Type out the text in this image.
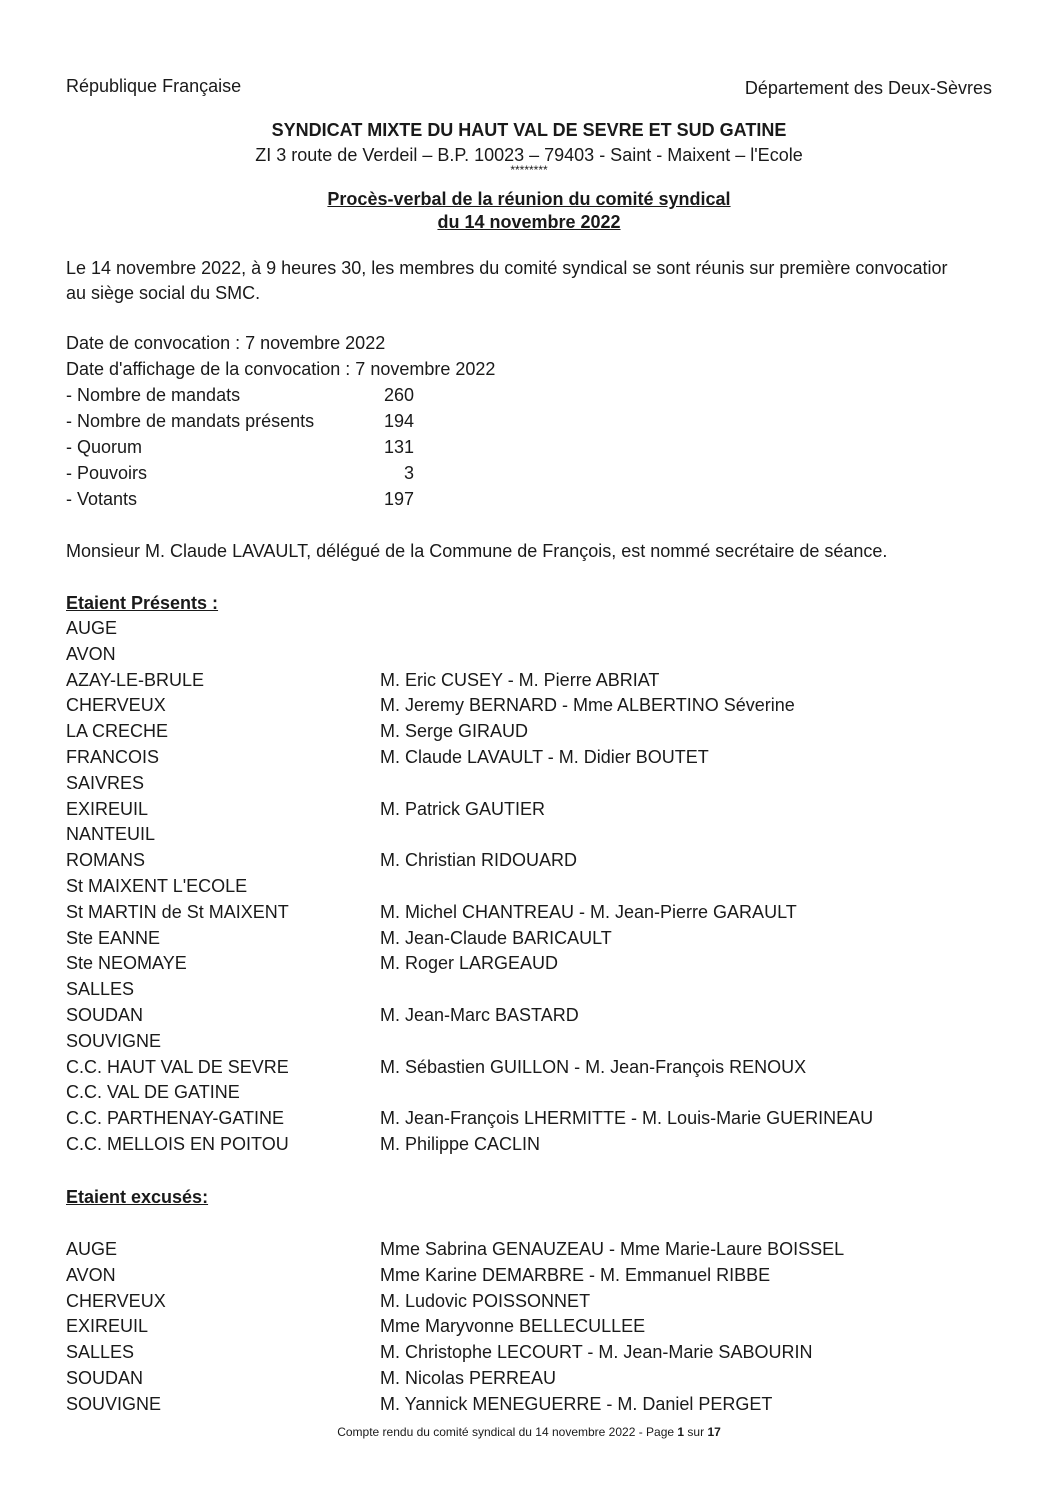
République Française	Département des Deux-Sèvres
SYNDICAT MIXTE DU HAUT VAL DE SEVRE ET SUD GATINE
ZI 3 route de Verdeil – B.P. 10023 – 79403 - Saint - Maixent – l'Ecole
********
Procès-verbal de la réunion du comité syndical
du 14 novembre 2022
Le 14 novembre 2022, à 9 heures 30, les membres du comité syndical se sont réunis sur première convocatior
au siège social du SMC.
Date de convocation : 7 novembre 2022
Date d'affichage de la convocation : 7 novembre 2022
- Nombre de mandats	260
- Nombre de mandats présents	194
- Quorum	131
- Pouvoirs	3
- Votants	197
Monsieur M. Claude LAVAULT, délégué de la Commune de François, est nommé secrétaire de séance.
Etaient Présents :
AUGE
AVON
AZAY-LE-BRULE	M. Eric CUSEY - M. Pierre ABRIAT
CHERVEUX	M. Jeremy BERNARD - Mme ALBERTINO Séverine
LA CRECHE	M. Serge GIRAUD
FRANCOIS	M. Claude LAVAULT - M. Didier BOUTET
SAIVRES
EXIREUIL	M. Patrick GAUTIER
NANTEUIL
ROMANS	M. Christian RIDOUARD
St MAIXENT L'ECOLE
St MARTIN de St MAIXENT	M. Michel CHANTREAU - M. Jean-Pierre GARAULT
Ste EANNE	M. Jean-Claude BARICAULT
Ste NEOMAYE	M. Roger LARGEAUD
SALLES
SOUDAN	M. Jean-Marc BASTARD
SOUVIGNE
C.C. HAUT VAL DE SEVRE	M. Sébastien GUILLON - M. Jean-François RENOUX
C.C. VAL DE GATINE
C.C. PARTHENAY-GATINE	M. Jean-François LHERMITTE - M. Louis-Marie GUERINEAU
C.C. MELLOIS EN POITOU	M. Philippe CACLIN
Etaient excusés:
AUGE	Mme Sabrina GENAUZEAU - Mme Marie-Laure BOISSEL
AVON	Mme Karine DEMARBRE - M. Emmanuel RIBBE
CHERVEUX	M. Ludovic POISSONNET
EXIREUIL	Mme Maryvonne BELLECULLEE
SALLES	M. Christophe LECOURT - M. Jean-Marie SABOURIN
SOUDAN	M. Nicolas PERREAU
SOUVIGNE	M. Yannick MENEGUERRE - M. Daniel PERGET
Compte rendu du comité syndical du 14 novembre 2022 - Page 1 sur 17
